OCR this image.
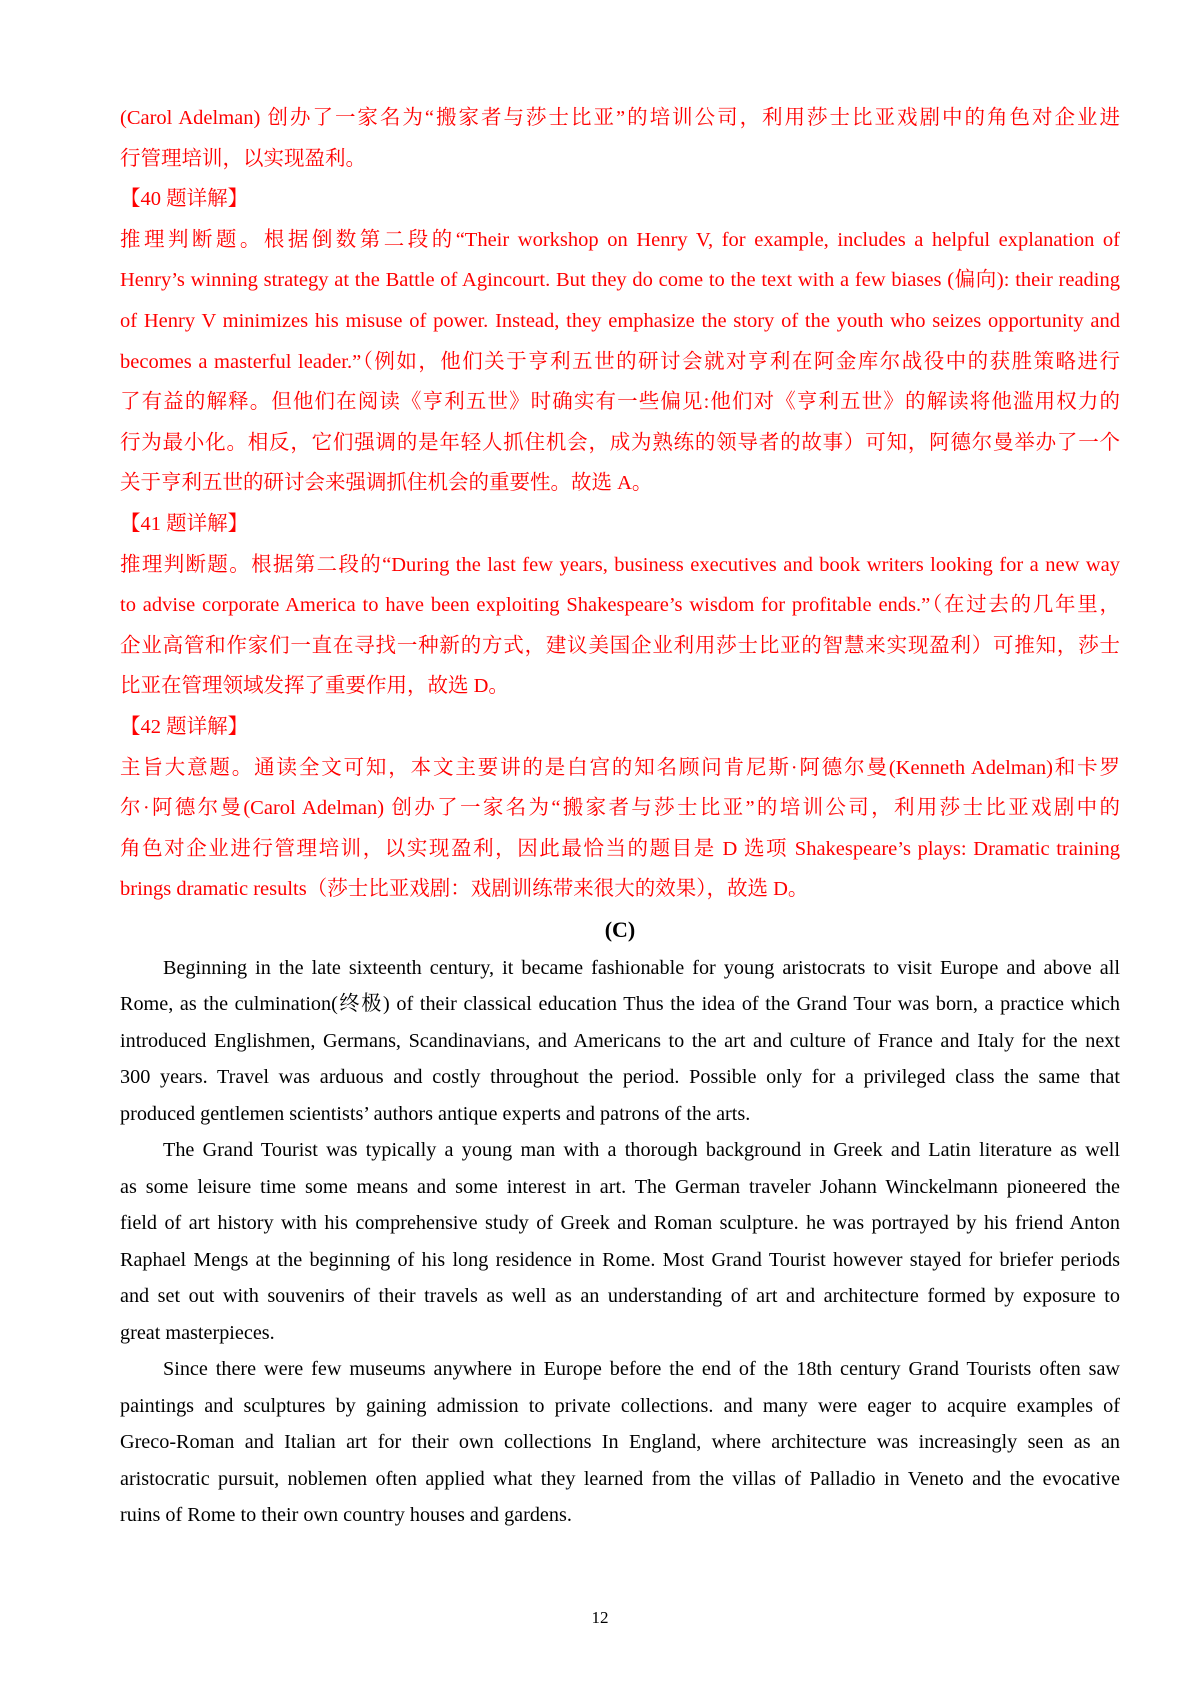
(Carol Adelman) 创办了一家名为“搬家者与莎士比亚”的培训公司，利用莎士比亚戏剧中的角色对企业进

行管理培训，以实现盈利。

【40 题详解】

推理判断题。根据倒数第二段的“Their workshop on Henry V, for example, includes a helpful explanation of

Henry’s winning strategy at the Battle of Agincourt. But they do come to the text with a few biases (偏向): their reading

of Henry V minimizes his misuse of power. Instead, they emphasize the story of the youth who seizes opportunity and

becomes a masterful leader.”（例如，他们关于亨利五世的研讨会就对亨利在阿金库尔战役中的获胜策略进行

了有益的解释。但他们在阅读《亨利五世》时确实有一些偏见:他们对《亨利五世》的解读将他滥用权力的

行为最小化。相反，它们强调的是年轻人抓住机会，成为熟练的领导者的故事）可知，阿德尔曼举办了一个

关于亨利五世的研讨会来强调抓住机会的重要性。故选 A。

【41 题详解】

推理判断题。根据第二段的“During the last few years, business executives and book writers looking for a new way

to advise corporate America to have been exploiting Shakespeare’s wisdom for profitable ends.”（在过去的几年里，

企业高管和作家们一直在寻找一种新的方式，建议美国企业利用莎士比亚的智慧来实现盈利）可推知，莎士

比亚在管理领域发挥了重要作用，故选 D。

【42 题详解】

主旨大意题。通读全文可知，本文主要讲的是白宫的知名顾问肯尼斯·阿德尔曼(Kenneth Adelman)和卡罗

尔·阿德尔曼(Carol Adelman) 创办了一家名为“搬家者与莎士比亚”的培训公司，利用莎士比亚戏剧中的

角色对企业进行管理培训，以实现盈利，因此最恰当的题目是 D 选项 Shakespeare’s plays: Dramatic training

brings dramatic results（莎士比亚戏剧：戏剧训练带来很大的效果），故选 D。

(C)

Beginning in the late sixteenth century, it became fashionable for young aristocrats to visit Europe and above all

Rome, as the culmination(终极) of their classical education Thus the idea of the Grand Tour was born, a practice which

introduced Englishmen, Germans, Scandinavians, and Americans to the art and culture of France and Italy for the next

300 years. Travel was arduous and costly throughout the period. Possible only for a privileged class the same that

produced gentlemen scientists’ authors antique experts and patrons of the arts.

The Grand Tourist was typically a young man with a thorough background in Greek and Latin literature as well

as some leisure time some means and some interest in art. The German traveler Johann Winckelmann pioneered the

field of art history with his comprehensive study of Greek and Roman sculpture. he was portrayed by his friend Anton

Raphael Mengs at the beginning of his long residence in Rome. Most Grand Tourist however stayed for briefer periods

and set out with souvenirs of their travels as well as an understanding of art and architecture formed by exposure to

great masterpieces.

Since there were few museums anywhere in Europe before the end of the 18th century Grand Tourists often saw

paintings and sculptures by gaining admission to private collections. and many were eager to acquire examples of

Greco-Roman and Italian art for their own collections In England, where architecture was increasingly seen as an

aristocratic pursuit, noblemen often applied what they learned from the villas of Palladio in Veneto and the evocative

ruins of Rome to their own country houses and gardens.

12
